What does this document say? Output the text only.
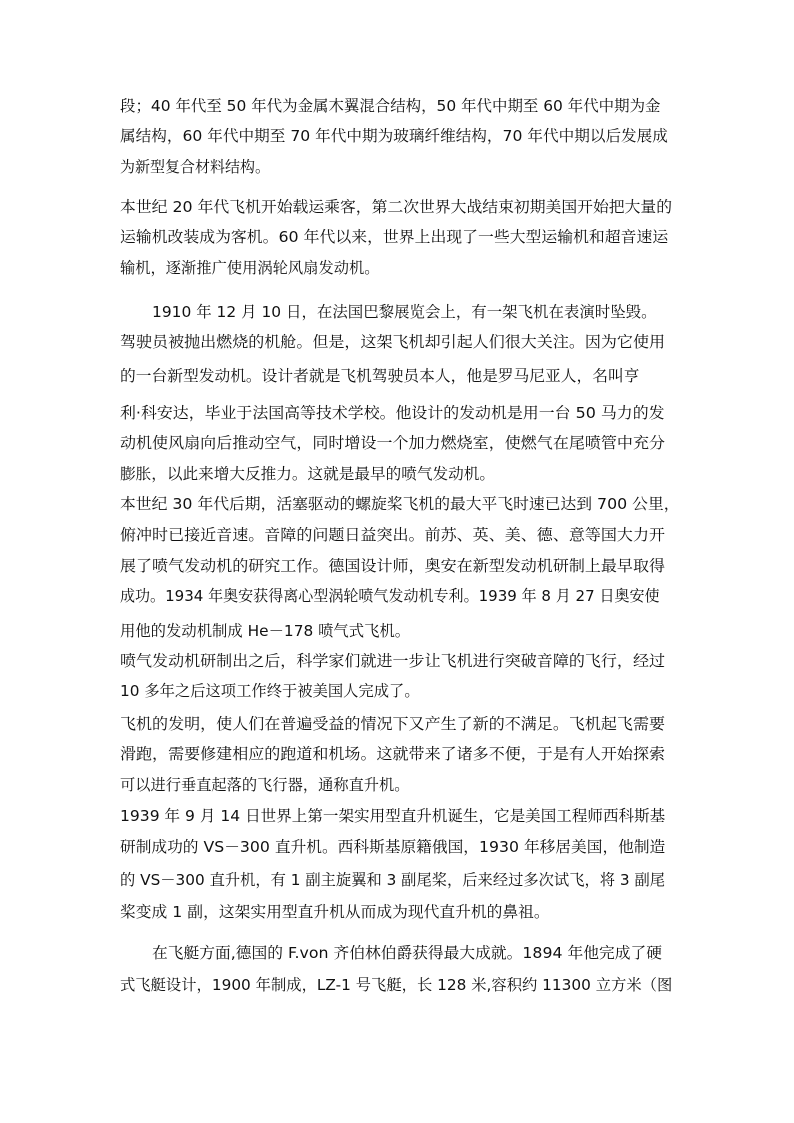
段；40 年代至 50 年代为金属木翼混合结构，50 年代中期至 60 年代中期为金
属结构，60 年代中期至 70 年代中期为玻璃纤维结构，70 年代中期以后发展成
为新型复合材料结构。
本世纪 20 年代飞机开始载运乘客，第二次世界大战结束初期美国开始把大量的
运输机改装成为客机。60 年代以来，世界上出现了一些大型运输机和超音速运
输机，逐渐推广使用涡轮风扇发动机。
1910 年 12 月 10 日，在法国巴黎展览会上，有一架飞机在表演时坠毁。
驾驶员被抛出燃烧的机舱。但是，这架飞机却引起人们很大关注。因为它使用
的一台新型发动机。设计者就是飞机驾驶员本人，他是罗马尼亚人，名叫亨
利·科安达，毕业于法国高等技术学校。他设计的发动机是用一台 50 马力的发
动机使风扇向后推动空气，同时增设一个加力燃烧室，使燃气在尾喷管中充分
膨胀，以此来增大反推力。这就是最早的喷气发动机。
本世纪 30 年代后期，活塞驱动的螺旋桨飞机的最大平飞时速已达到 700 公里，
俯冲时已接近音速。音障的问题日益突出。前苏、英、美、德、意等国大力开
展了喷气发动机的研究工作。德国设计师，奥安在新型发动机研制上最早取得
成功。1934 年奥安获得离心型涡轮喷气发动机专利。1939 年 8 月 27 日奥安使
用他的发动机制成 He－178 喷气式飞机。
喷气发动机研制出之后，科学家们就进一步让飞机进行突破音障的飞行，经过
10 多年之后这项工作终于被美国人完成了。
飞机的发明，使人们在普遍受益的情况下又产生了新的不满足。飞机起飞需要
滑跑，需要修建相应的跑道和机场。这就带来了诸多不便，于是有人开始探索
可以进行垂直起落的飞行器，通称直升机。
1939 年 9 月 14 日世界上第一架实用型直升机诞生，它是美国工程师西科斯基
研制成功的 VS－300 直升机。西科斯基原籍俄国，1930 年移居美国，他制造
的 VS－300 直升机，有 1 副主旋翼和 3 副尾桨，后来经过多次试飞，将 3 副尾
桨变成 1 副，这架实用型直升机从而成为现代直升机的鼻祖。
在飞艇方面,德国的 F.von 齐伯林伯爵获得最大成就。1894 年他完成了硬
式飞艇设计，1900 年制成，LZ-1 号飞艇，长 128 米,容积约 11300 立方米（图
